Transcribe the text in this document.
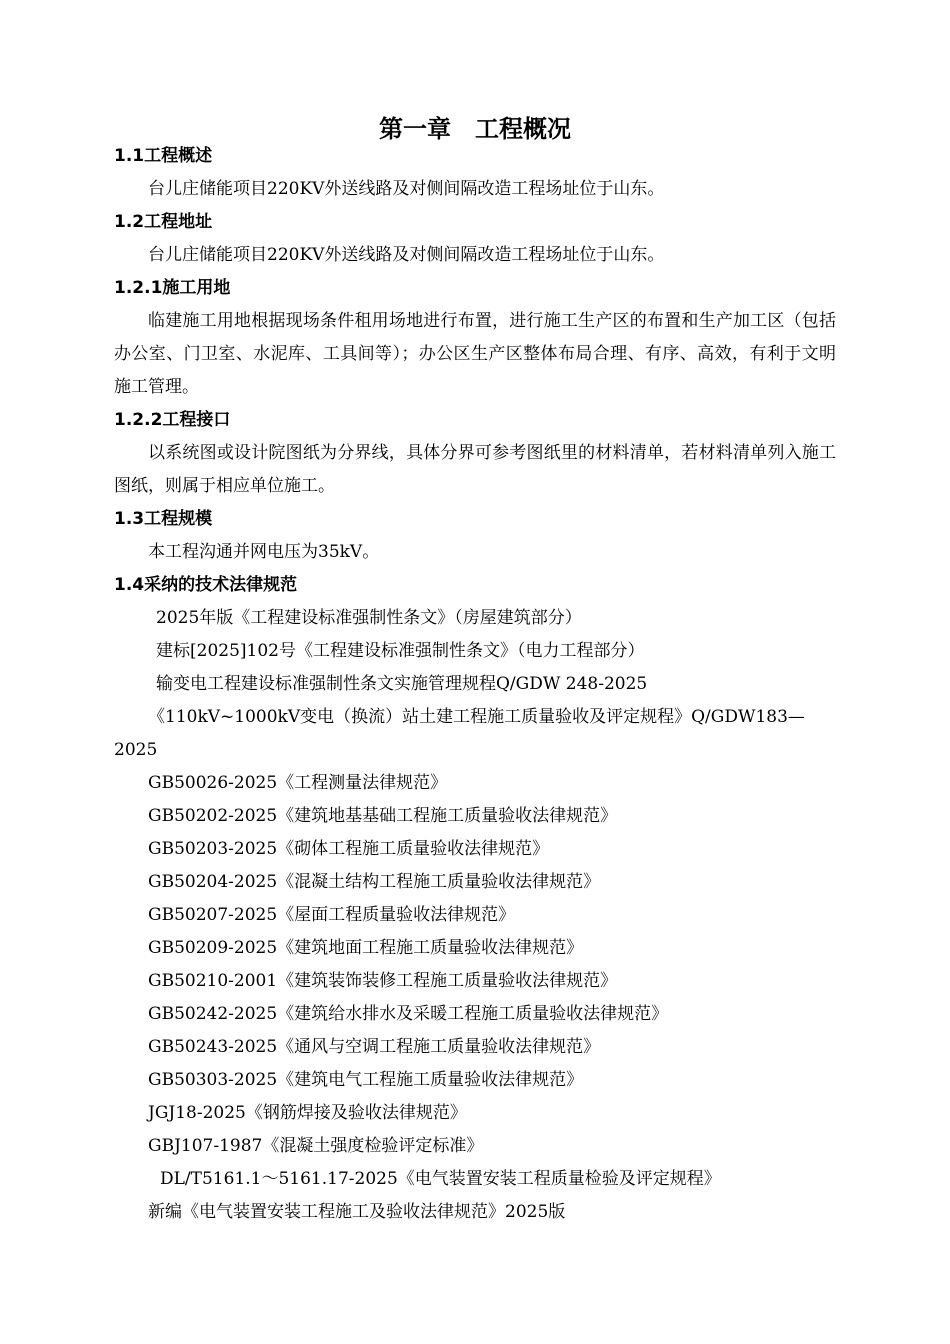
第一章　工程概况

1.1工程概述

台儿庄储能项目220KV外送线路及对侧间隔改造工程场址位于山东。

1.2工程地址

台儿庄储能项目220KV外送线路及对侧间隔改造工程场址位于山东。

1.2.1施工用地

临建施工用地根据现场条件租用场地进行布置，进行施工生产区的布置和生产加工区（包括办公室、门卫室、水泥库、工具间等）；办公区生产区整体布局合理、有序、高效，有利于文明施工管理。

1.2.2工程接口

以系统图或设计院图纸为分界线，具体分界可参考图纸里的材料清单，若材料清单列入施工图纸，则属于相应单位施工。

1.3工程规模

本工程沟通并网电压为35kV。

1.4采纳的技术法律规范

2025年版《工程建设标准强制性条文》（房屋建筑部分）

建标[2025]102号《工程建设标准强制性条文》（电力工程部分）

输变电工程建设标准强制性条文实施管理规程Q/GDW 248-2025

《110kV~1000kV变电（换流）站土建工程施工质量验收及评定规程》Q/GDW183—

2025

GB50026-2025《工程测量法律规范》

GB50202-2025《建筑地基基础工程施工质量验收法律规范》

GB50203-2025《砌体工程施工质量验收法律规范》

GB50204-2025《混凝土结构工程施工质量验收法律规范》

GB50207-2025《屋面工程质量验收法律规范》

GB50209-2025《建筑地面工程施工质量验收法律规范》

GB50210-2001《建筑装饰装修工程施工质量验收法律规范》

GB50242-2025《建筑给水排水及采暖工程施工质量验收法律规范》

GB50243-2025《通风与空调工程施工质量验收法律规范》

GB50303-2025《建筑电气工程施工质量验收法律规范》

JGJ18-2025《钢筋焊接及验收法律规范》

GBJ107-1987《混凝土强度检验评定标准》

DL/T5161.1～5161.17-2025《电气装置安装工程质量检验及评定规程》

新编《电气装置安装工程施工及验收法律规范》2025版
